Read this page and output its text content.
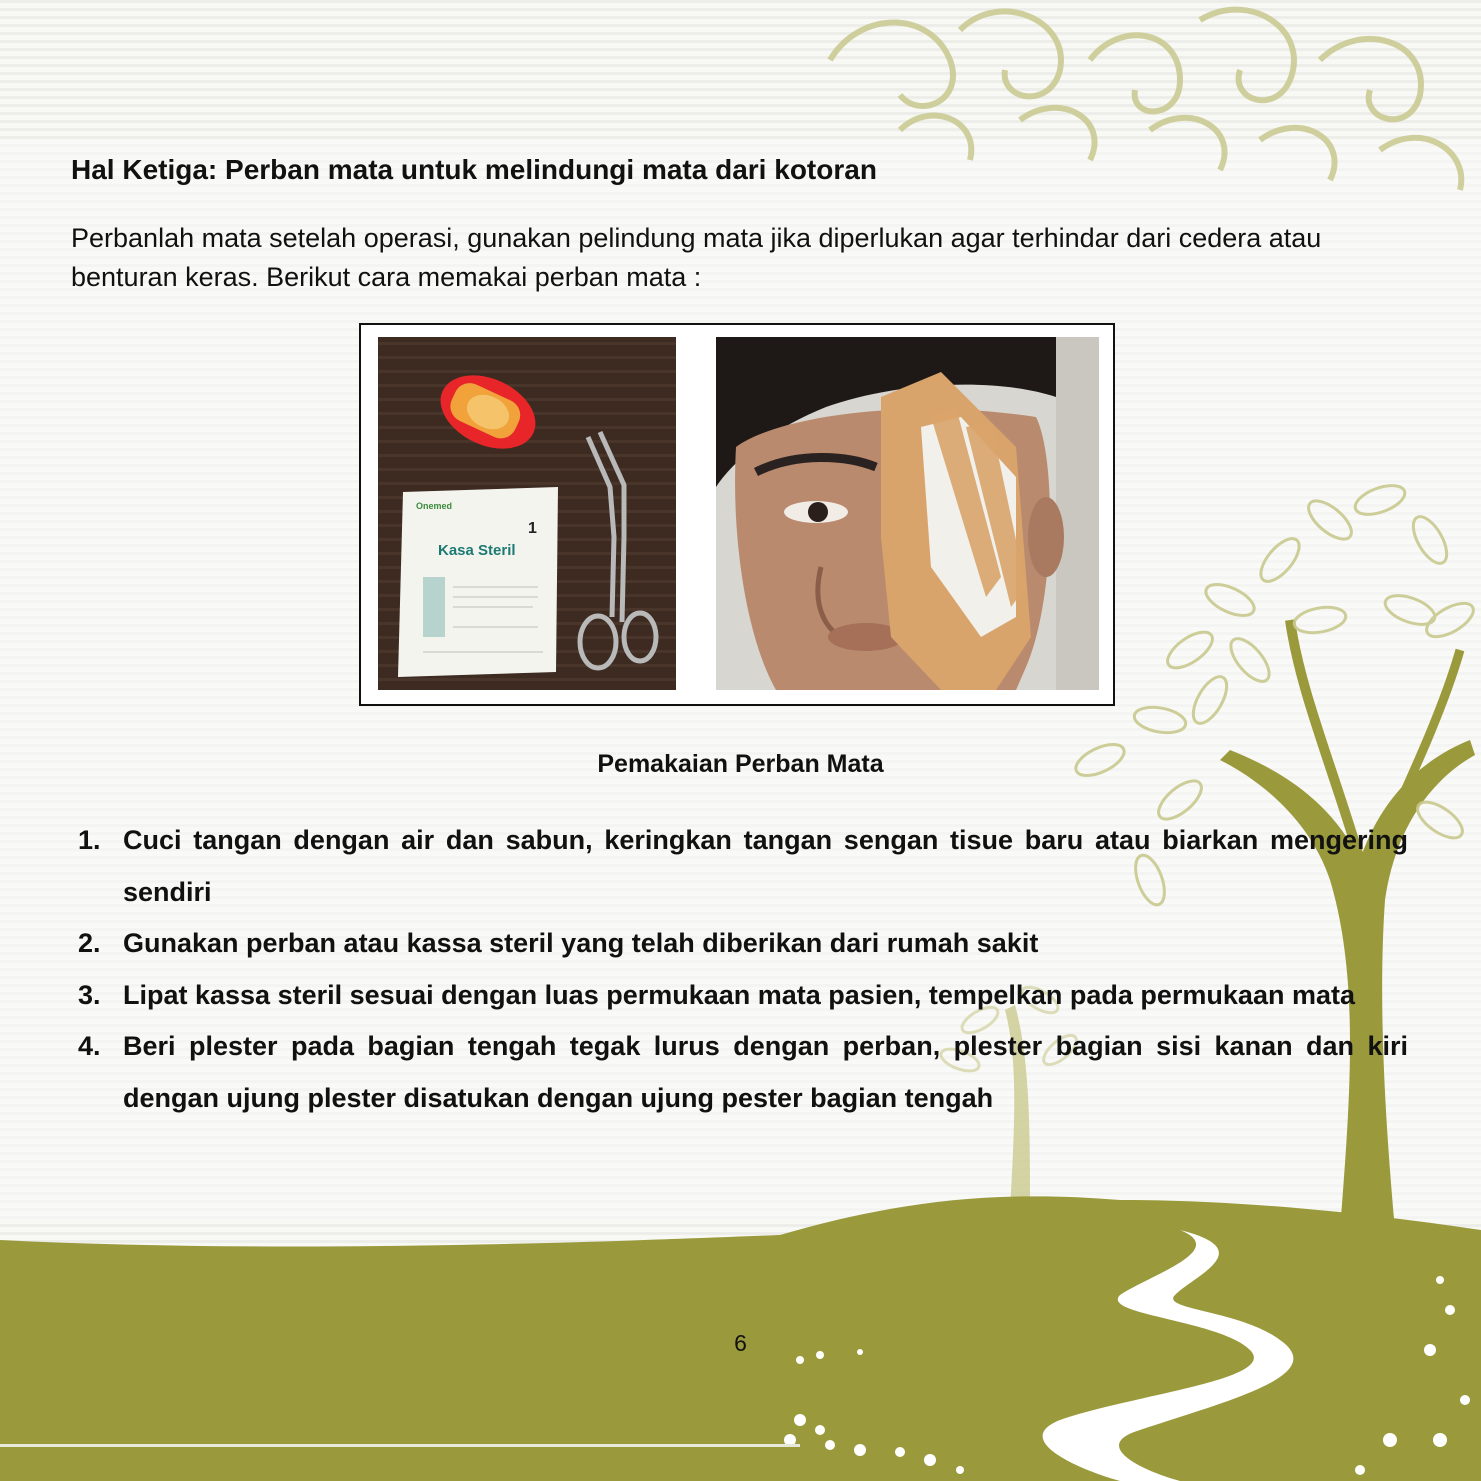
Hal Ketiga: Perban mata untuk melindungi mata dari kotoran
Perbanlah mata setelah operasi, gunakan pelindung mata jika diperlukan agar terhindar dari cedera atau benturan keras. Berikut cara memakai perban mata :
Onemed
Kasa Steril
1
Pemakaian Perban Mata
1. Cuci tangan dengan air dan sabun, keringkan tangan sengan tisue baru atau biarkan mengering sendiri
2. Gunakan perban atau kassa steril yang telah diberikan dari rumah sakit
3. Lipat kassa steril sesuai dengan luas permukaan mata pasien, tempelkan pada permukaan mata
4. Beri plester pada bagian tengah tegak lurus dengan perban, plester bagian sisi kanan dan kiri dengan ujung plester disatukan dengan ujung pester bagian tengah
6
